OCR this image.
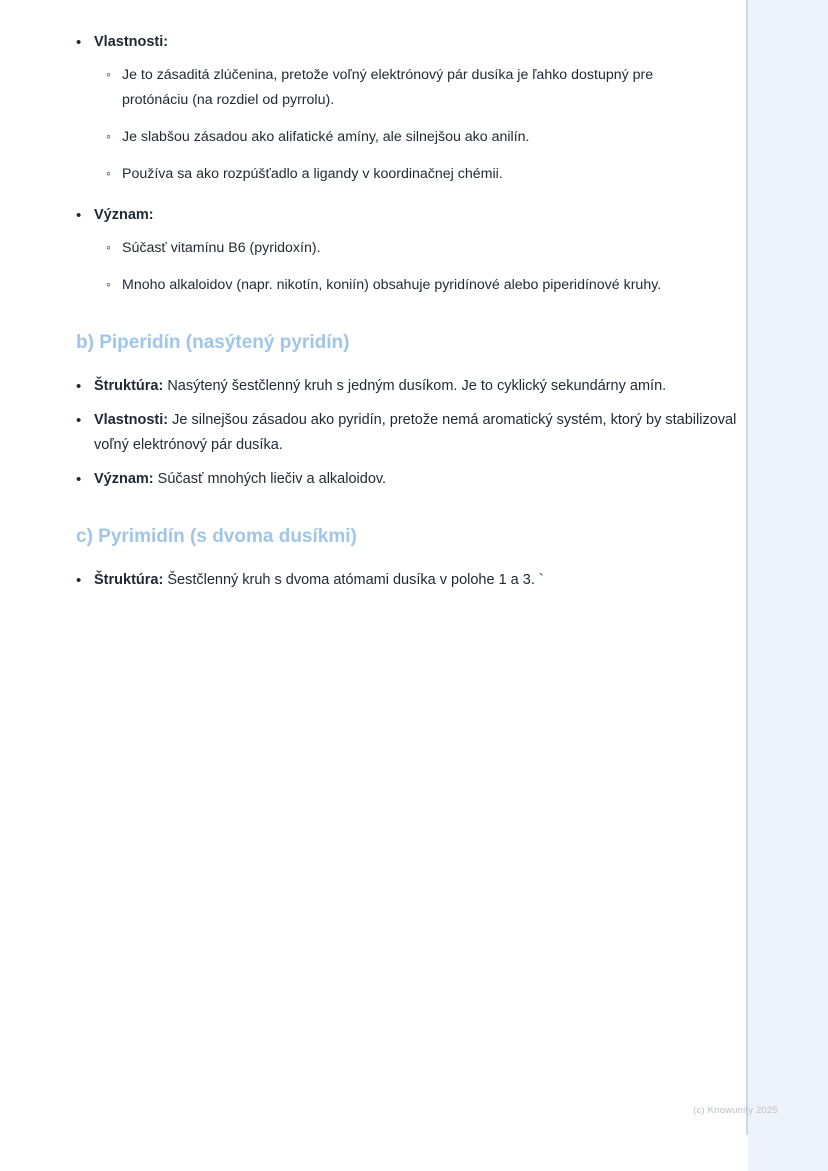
• Vlastnosti:
◦ Je to zásaditá zlúčenina, pretože voľný elektrónový pár dusíka je ľahko dostupný pre protónáciu (na rozdiel od pyrrolu).
◦ Je slabšou zásadou ako alifatické amíny, ale silnejšou ako anilín.
◦ Používa sa ako rozpúšťadlo a ligandy v koordinačnej chémii.
• Význam:
◦ Súčasť vitamínu B6 (pyridoxín).
◦ Mnoho alkaloidov (napr. nikotín, koniín) obsahuje pyridínové alebo piperidínové kruhy.
b) Piperidín (nasýtený pyridín)
• Štruktúra: Nasýtený šestčlenný kruh s jedným dusíkom. Je to cyklický sekundárny amín.
• Vlastnosti: Je silnejšou zásadou ako pyridín, pretože nemá aromatický systém, ktorý by stabilizoval voľný elektrónový pár dusíka.
• Význam: Súčasť mnohých liečiv a alkaloidov.
c) Pyrimidín (s dvoma dusíkmi)
• Štruktúra: Šestčlenný kruh s dvoma atómami dusíka v polohe 1 a 3. `
(c) Knowunity 2025
